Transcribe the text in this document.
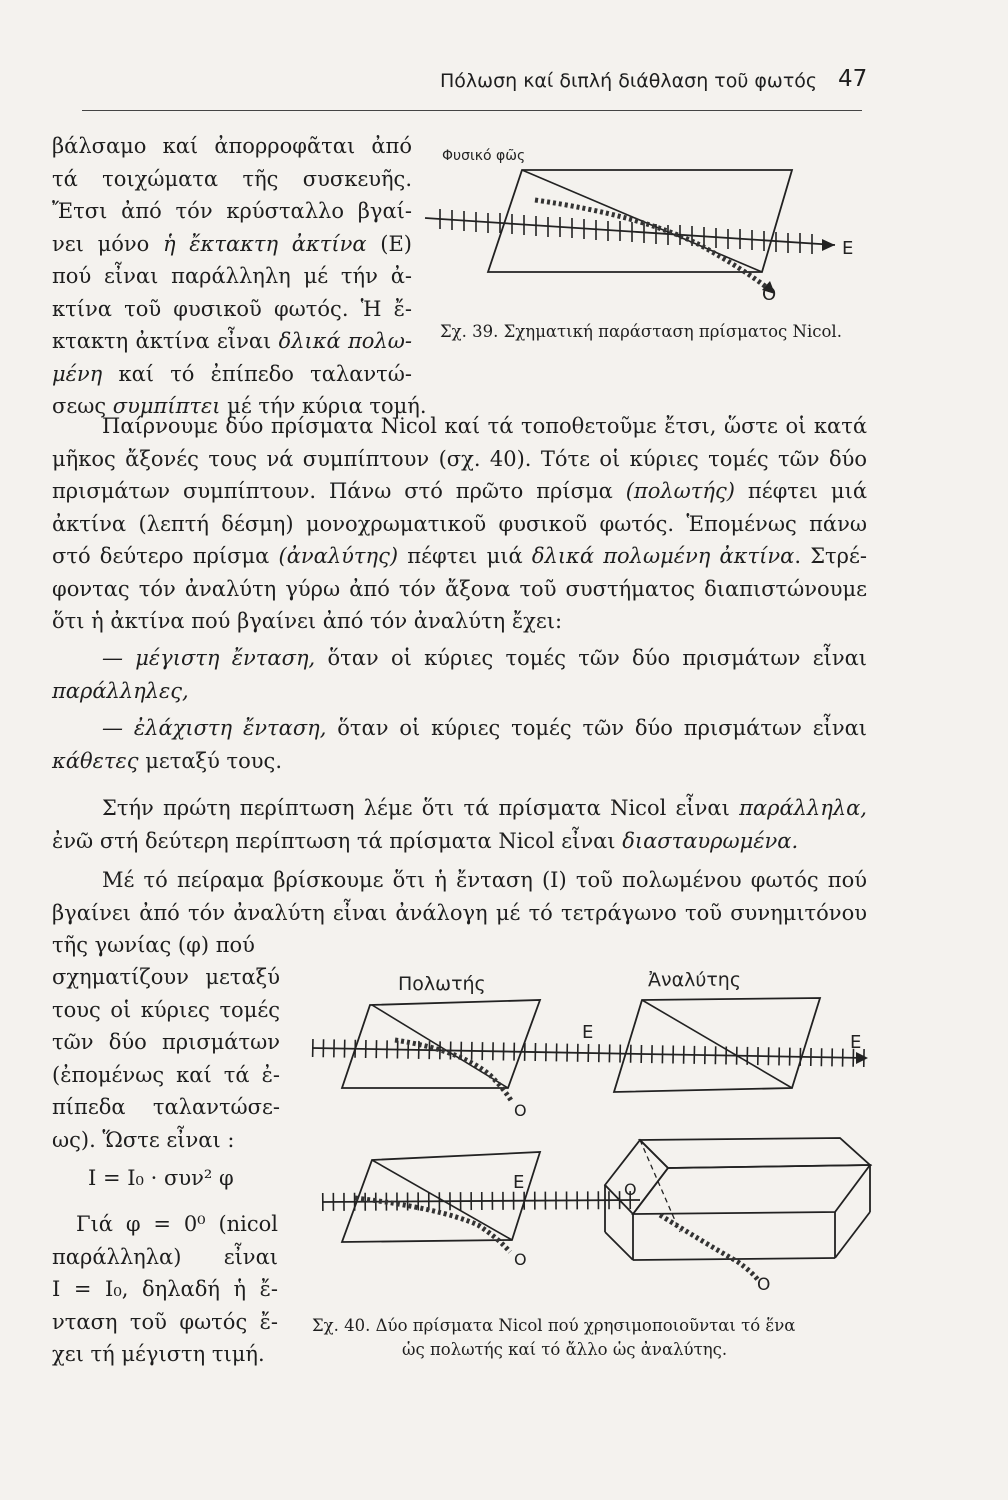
Πόλωση καί διπλή διάθλαση τοῦ φωτός 47
βάλσαμο καί ἀπορροφᾶται ἀπό
τά τοιχώματα τῆς συσκευῆς.
Ἔτσι ἀπό τόν κρύσταλλο βγαί-
νει μόνο ἡ ἔκτακτη ἀκτίνα (Ε)
πού εἶναι παράλληλη μέ τήν ἀ-
κτίνα τοῦ φυσικοῦ φωτός. Ἡ ἔ-
κτακτη ἀκτίνα εἶναι δλικά πολω-
μένη καί τό ἐπίπεδο ταλαντώ-
σεως συμπίπτει μέ τήν κύρια τομή.
Φυσικό φῶς
Ε
Ο
Σχ. 39. Σχηματική παράσταση πρίσματος Nicol.
Παίρνουμε δύο πρίσματα Nicol καί τά τοποθετοῦμε ἔτσι, ὥστε οἱ κατά
μῆκος ἄξονές τους νά συμπίπτουν (σχ. 40). Τότε οἱ κύριες τομές τῶν δύο
πρισμάτων συμπίπτουν. Πάνω στό πρῶτο πρίσμα (πολωτής) πέφτει μιά
ἀκτίνα (λεπτή δέσμη) μονοχρωματικοῦ φυσικοῦ φωτός. Ἑπομένως πάνω
στό δεύτερο πρίσμα (ἀναλύτης) πέφτει μιά δλικά πολωμένη ἀκτίνα. Στρέ-
φοντας τόν ἀναλύτη γύρω ἀπό τόν ἄξονα τοῦ συστήματος διαπιστώνουμε
ὅτι ἡ ἀκτίνα πού βγαίνει ἀπό τόν ἀναλύτη ἔχει:
— μέγιστη ἔνταση, ὅταν οἱ κύριες τομές τῶν δύο πρισμάτων εἶναι
παράλληλες,
— ἐλάχιστη ἔνταση, ὅταν οἱ κύριες τομές τῶν δύο πρισμάτων εἶναι
κάθετες μεταξύ τους.
Στήν πρώτη περίπτωση λέμε ὅτι τά πρίσματα Nicol εἶναι παράλληλα,
ἐνῶ στή δεύτερη περίπτωση τά πρίσματα Nicol εἶναι διασταυρωμένα.
Μέ τό πείραμα βρίσκουμε ὅτι ἡ ἔνταση (Ι) τοῦ πολωμένου φωτός πού
βγαίνει ἀπό τόν ἀναλύτη εἶναι ἀνάλογη μέ τό τετράγωνο τοῦ συνημιτόνου
τῆς γωνίας (φ) πού
σχηματίζουν μεταξύ
τους οἱ κύριες τομές
τῶν δύο πρισμάτων
(ἐπομένως καί τά ἐ-
πίπεδα ταλαντώσε-
ως). Ὥστε εἶναι :
Ι = Ι₀ · συν² φ
Γιά φ = 0⁰ (nicol
παράλληλα) εἶναι
Ι = Ι₀, δηλαδή ἡ ἔ-
νταση τοῦ φωτός ἔ-
χει τή μέγιστη τιμή.
Πολωτής	Ἀναλύτης
Ε	Ε
Ο
Ε
Ο
Ο
Ο
Σχ. 40. Δύο πρίσματα Nicol πού χρησιμοποιοῦνται τό ἕνα
ὡς πολωτής καί τό ἄλλο ὡς ἀναλύτης.
